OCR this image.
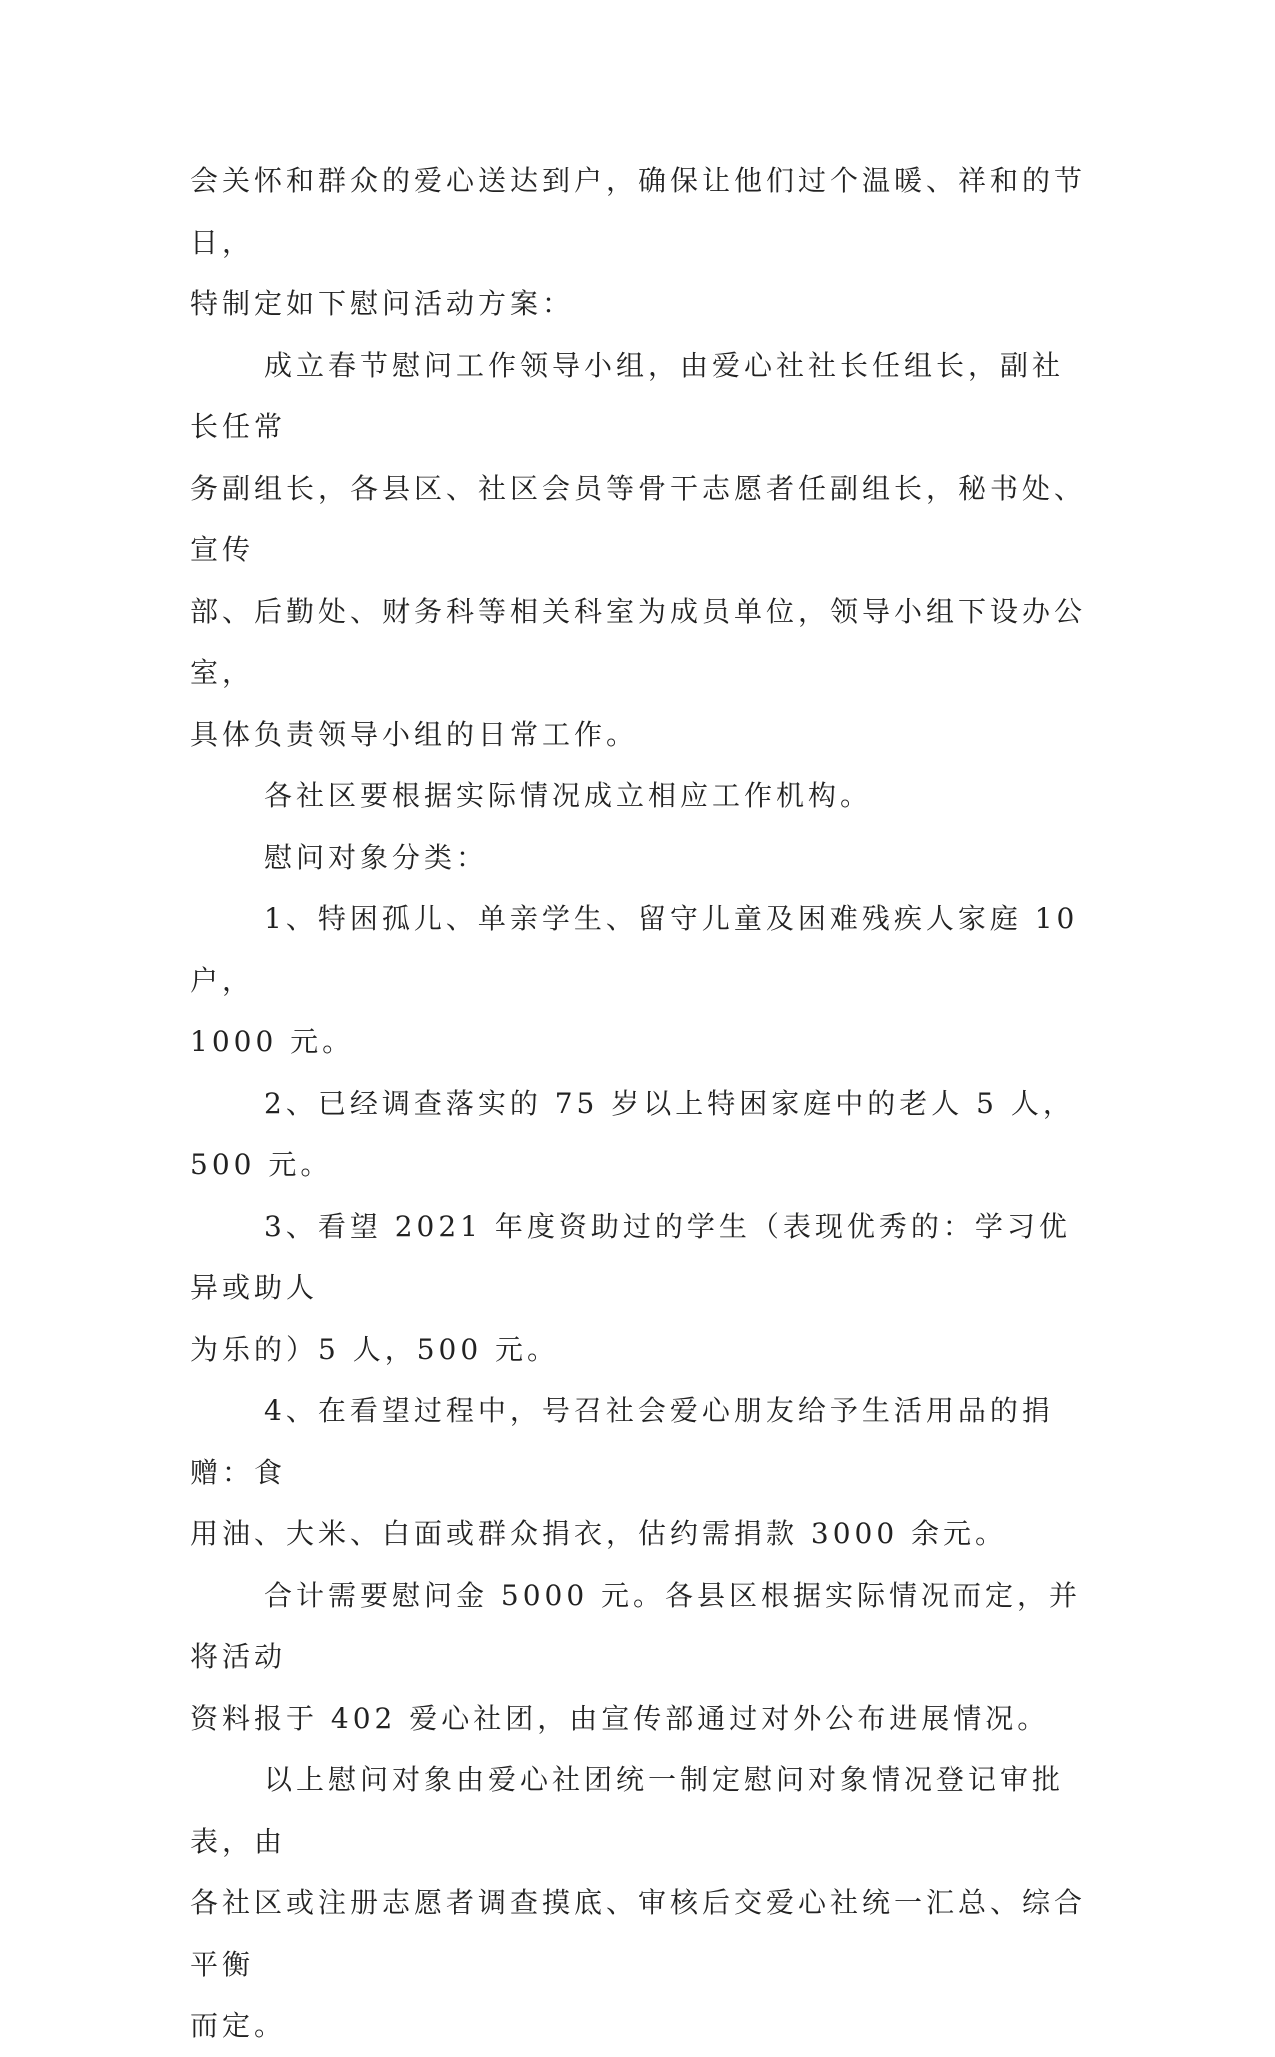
会关怀和群众的爱心送达到户，确保让他们过个温暖、祥和的节日，
特制定如下慰问活动方案：

成立春节慰问工作领导小组，由爱心社社长任组长，副社长任常
务副组长，各县区、社区会员等骨干志愿者任副组长，秘书处、宣传
部、后勤处、财务科等相关科室为成员单位，领导小组下设办公室，
具体负责领导小组的日常工作。

各社区要根据实际情况成立相应工作机构。

慰问对象分类：

1、特困孤儿、单亲学生、留守儿童及困难残疾人家庭 10 户，
1000 元。

2、已经调查落实的 75 岁以上特困家庭中的老人 5 人，500 元。

3、看望 2021 年度资助过的学生（表现优秀的：学习优异或助人
为乐的）5 人，500 元。

4、在看望过程中，号召社会爱心朋友给予生活用品的捐赠：食
用油、大米、白面或群众捐衣，估约需捐款 3000 余元。

合计需要慰问金 5000 元。各县区根据实际情况而定，并将活动
资料报于 402 爱心社团，由宣传部通过对外公布进展情况。

以上慰问对象由爱心社团统一制定慰问对象情况登记审批表，由
各社区或注册志愿者调查摸底、审核后交爱心社统一汇总、综合平衡
而定。
